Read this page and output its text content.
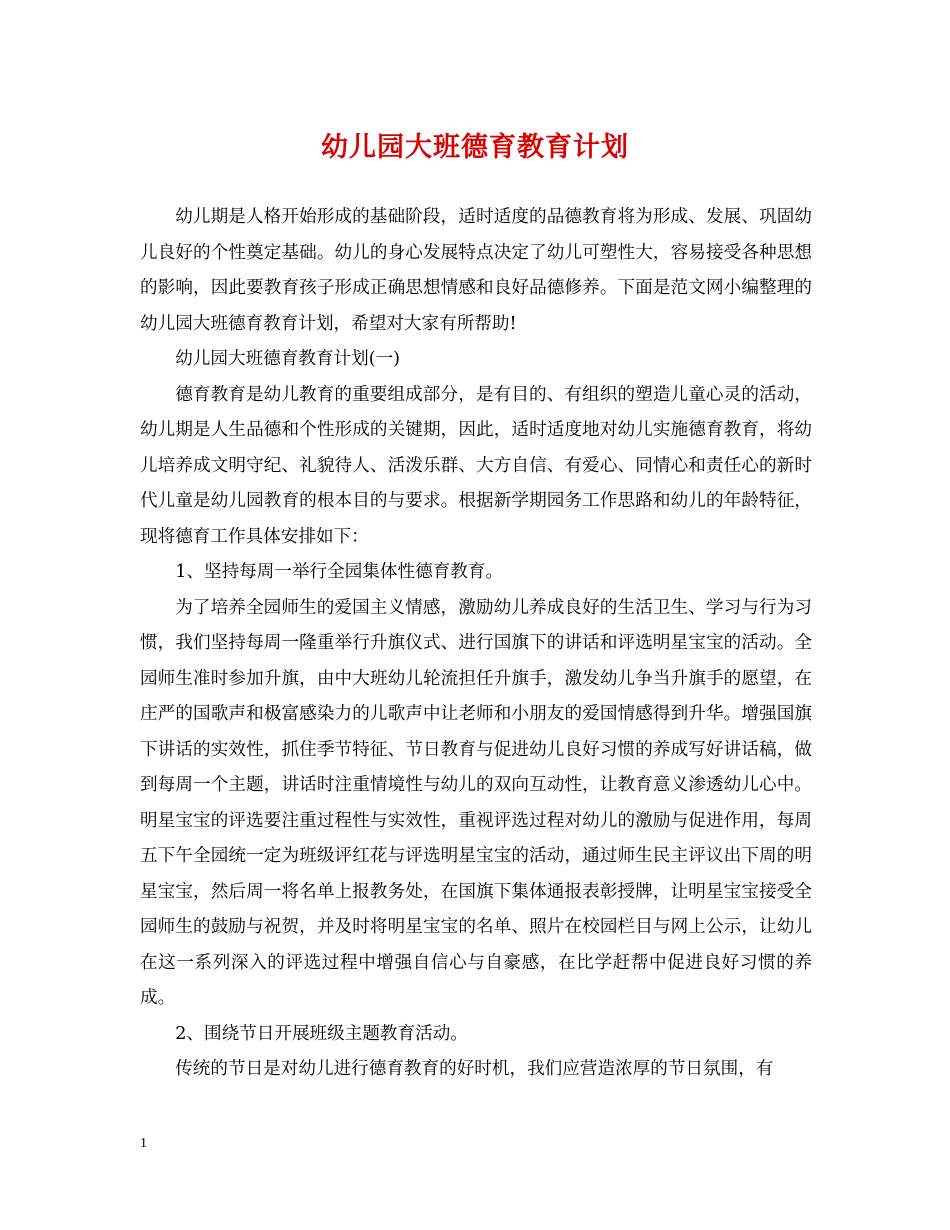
幼儿园大班德育教育计划

幼儿期是人格开始形成的基础阶段，适时适度的品德教育将为形成、发展、巩固幼儿良好的个性奠定基础。幼儿的身心发展特点决定了幼儿可塑性大，容易接受各种思想的影响，因此要教育孩子形成正确思想情感和良好品德修养。下面是范文网小编整理的幼儿园大班德育教育计划，希望对大家有所帮助!

幼儿园大班德育教育计划(一)

德育教育是幼儿教育的重要组成部分，是有目的、有组织的塑造儿童心灵的活动，幼儿期是人生品德和个性形成的关键期，因此，适时适度地对幼儿实施德育教育，将幼儿培养成文明守纪、礼貌待人、活泼乐群、大方自信、有爱心、同情心和责任心的新时代儿童是幼儿园教育的根本目的与要求。根据新学期园务工作思路和幼儿的年龄特征，现将德育工作具体安排如下：

1、坚持每周一举行全园集体性德育教育。

为了培养全园师生的爱国主义情感，激励幼儿养成良好的生活卫生、学习与行为习惯，我们坚持每周一隆重举行升旗仪式、进行国旗下的讲话和评选明星宝宝的活动。全园师生准时参加升旗，由中大班幼儿轮流担任升旗手，激发幼儿争当升旗手的愿望，在庄严的国歌声和极富感染力的儿歌声中让老师和小朋友的爱国情感得到升华。增强国旗下讲话的实效性，抓住季节特征、节日教育与促进幼儿良好习惯的养成写好讲话稿，做到每周一个主题，讲话时注重情境性与幼儿的双向互动性，让教育意义渗透幼儿心中。明星宝宝的评选要注重过程性与实效性，重视评选过程对幼儿的激励与促进作用，每周五下午全园统一定为班级评红花与评选明星宝宝的活动，通过师生民主评议出下周的明星宝宝，然后周一将名单上报教务处，在国旗下集体通报表彰授牌，让明星宝宝接受全园师生的鼓励与祝贺，并及时将明星宝宝的名单、照片在校园栏目与网上公示，让幼儿在这一系列深入的评选过程中增强自信心与自豪感，在比学赶帮中促进良好习惯的养成。

2、围绕节日开展班级主题教育活动。

传统的节日是对幼儿进行德育教育的好时机，我们应营造浓厚的节日氛围，有

1
